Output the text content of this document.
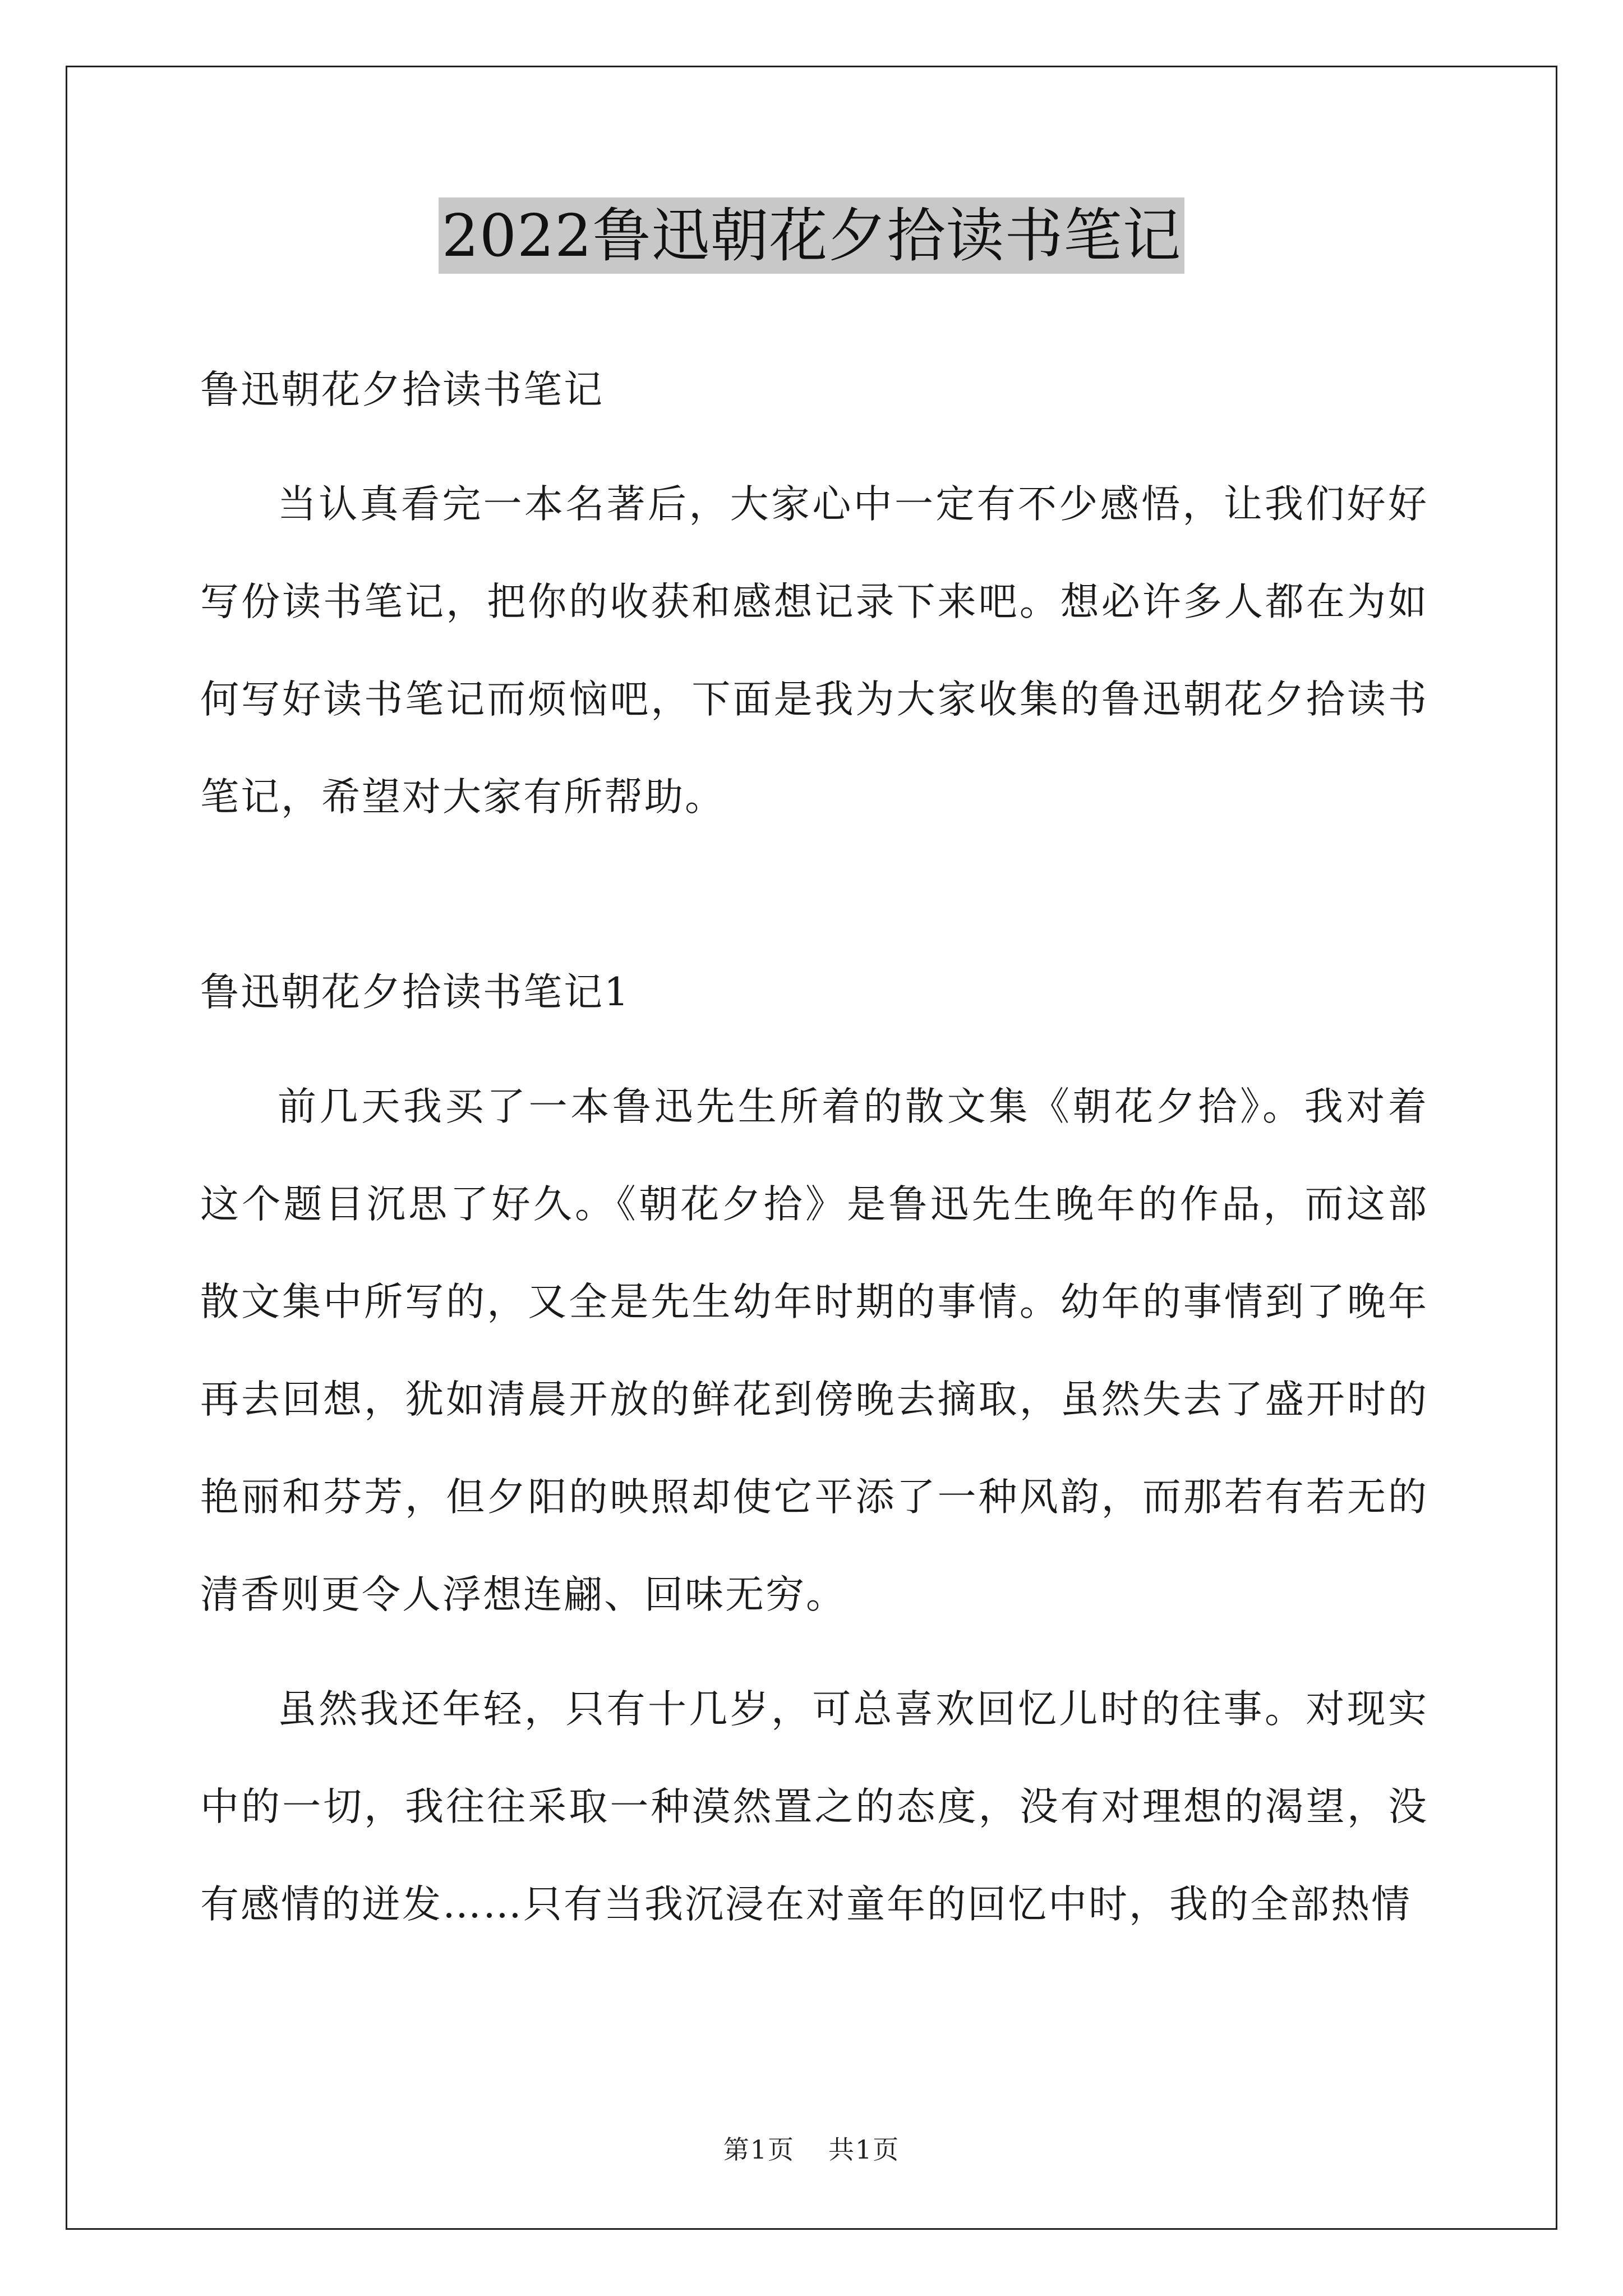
2022鲁迅朝花夕拾读书笔记

鲁迅朝花夕拾读书笔记

当认真看完一本名著后，大家心中一定有不少感悟，让我们好好写份读书笔记，把你的收获和感想记录下来吧。想必许多人都在为如何写好读书笔记而烦恼吧，下面是我为大家收集的鲁迅朝花夕拾读书笔记，希望对大家有所帮助。

鲁迅朝花夕拾读书笔记1

前几天我买了一本鲁迅先生所着的散文集《朝花夕拾》。我对着这个题目沉思了好久。《朝花夕拾》是鲁迅先生晚年的作品，而这部散文集中所写的，又全是先生幼年时期的事情。幼年的事情到了晚年再去回想，犹如清晨开放的鲜花到傍晚去摘取，虽然失去了盛开时的艳丽和芬芳，但夕阳的映照却使它平添了一种风韵，而那若有若无的清香则更令人浮想连翩、回味无穷。

虽然我还年轻，只有十几岁，可总喜欢回忆儿时的往事。对现实中的一切，我往往采取一种漠然置之的态度，没有对理想的渴望，没有感情的迸发……只有当我沉浸在对童年的回忆中时，我的全部热情

第1页 共1页
